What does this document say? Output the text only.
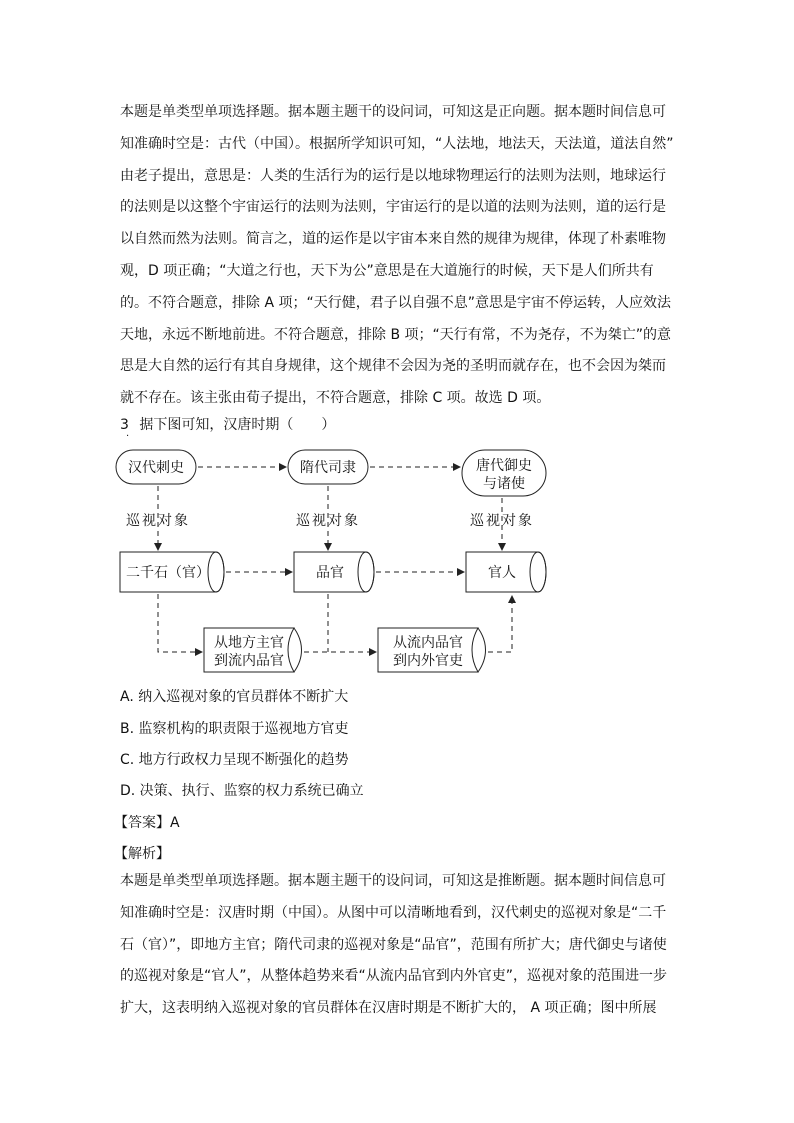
本题是单类型单项选择题。据本题主题干的设问词，可知这是正向题。据本题时间信息可
知准确时空是：古代（中国）。根据所学知识可知，“人法地，地法天，天法道，道法自然”
由老子提出，意思是：人类的生活行为的运行是以地球物理运行的法则为法则，地球运行
的法则是以这整个宇宙运行的法则为法则，宇宙运行的是以道的法则为法则，道的运行是
以自然而然为法则。简言之，道的运作是以宇宙本来自然的规律为规律，体现了朴素唯物
观，D 项正确；“大道之行也，天下为公”意思是在大道施行的时候，天下是人们所共有
的。不符合题意，排除 A 项；“天行健，君子以自强不息”意思是宇宙不停运转，人应效法
天地，永远不断地前进。不符合题意，排除 B 项；“天行有常，不为尧存，不为桀亡”的意
思是大自然的运行有其自身规律，这个规律不会因为尧的圣明而就存在，也不会因为桀而
就不存在。该主张由荀子提出，不符合题意，排除 C 项。故选 D 项。
3 据下图可知，汉唐时期（　　）
·
汉代刺史	隋代司隶	唐代御史
与诸使
巡视对象	巡视对象	巡视对象
二千石（官）	品官	官人
从地方主官
到流内品官
从流内品官
到内外官吏
A. 纳入巡视对象的官员群体不断扩大
B. 监察机构的职责限于巡视地方官吏
C. 地方行政权力呈现不断强化的趋势
D. 决策、执行、监察的权力系统已确立
【答案】A
【解析】
本题是单类型单项选择题。据本题主题干的设问词，可知这是推断题。据本题时间信息可
知准确时空是：汉唐时期（中国）。从图中可以清晰地看到，汉代刺史的巡视对象是“二千
石（官）”，即地方主官；隋代司隶的巡视对象是“品官”，范围有所扩大；唐代御史与诸使
的巡视对象是“官人”，从整体趋势来看“从流内品官到内外官吏”，巡视对象的范围进一步
扩大，这表明纳入巡视对象的官员群体在汉唐时期是不断扩大的， A 项正确；图中所展
